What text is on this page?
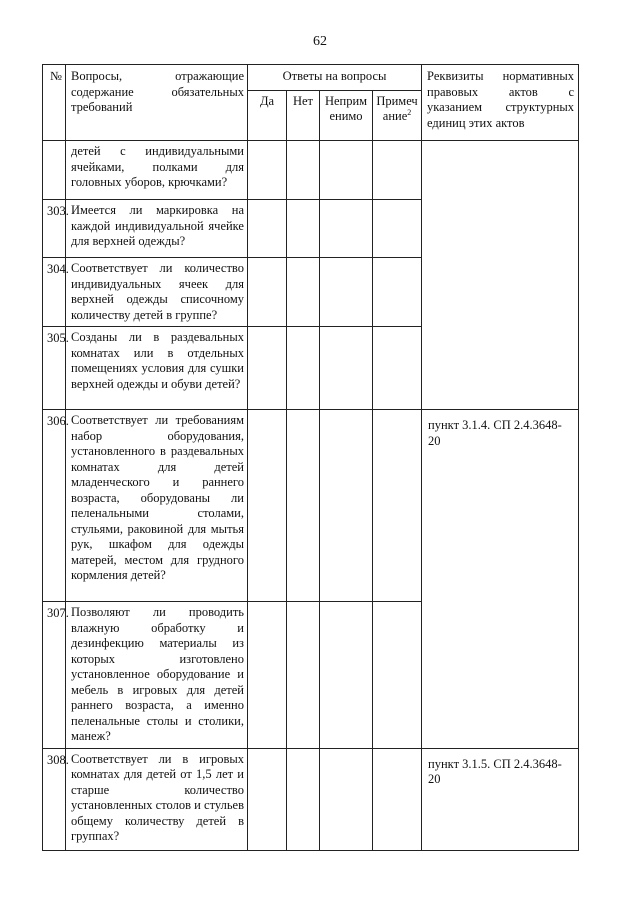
62
№	Вопросы, отражающие содержание обязательных требований	Ответы на вопросы				Реквизиты нормативных правовых актов с указанием структурных единиц этих актов
		Да	Нет	Неприм енимо	Примеч ание$^2$
	детей с индивидуальными ячейками, полками для головных уборов, крючками?					
303.	Имеется ли маркировка на каждой индивидуальной ячейке для верхней одежды?					
304.	Соответствует ли количество индивидуальных ячеек для верхней одежды списочному количеству детей в группе?					
305.	Созданы ли в раздевальных комнатах или в отдельных помещениях условия для сушки верхней одежды и обуви детей?					
306.	Соответствует ли требованиям набор оборудования, установленного в раздевальных комнатах для детей младенческого и раннего возраста, оборудованы ли пеленальными столами, стульями, раковиной для мытья рук, шкафом для одежды матерей, местом для грудного кормления детей?					пункт 3.1.4. СП 2.4.3648-20
307.	Позволяют ли проводить влажную обработку и дезинфекцию материалы из которых изготовлено установленное оборудование и мебель в игровых для детей раннего возраста, а именно пеленальные столы и столики, манеж?					
308.	Соответствует ли в игровых комнатах для детей от 1,5 лет и старше количество установленных столов и стульев общему количеству детей в группах?					пункт 3.1.5. СП 2.4.3648-20
